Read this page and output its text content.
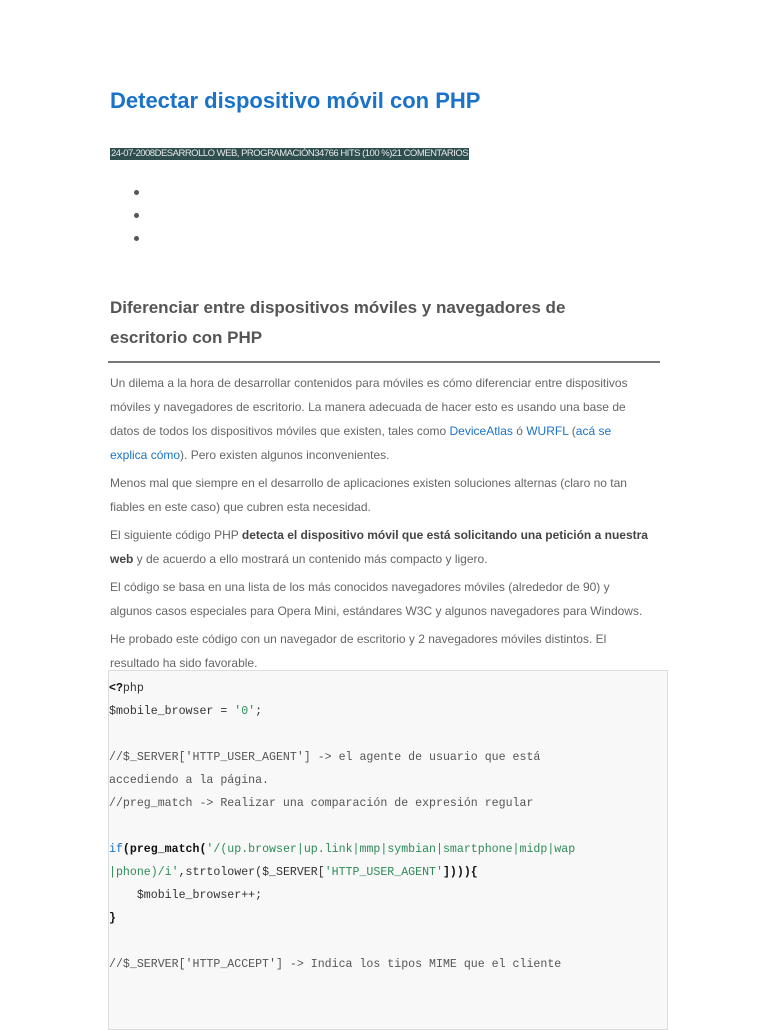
Detectar dispositivo móvil con PHP
24-07-2008DESARROLLO WEB, PROGRAMACIÓN34766 HITS (100 %)21 COMENTARIOS
Diferenciar entre dispositivos móviles y navegadores de escritorio con PHP

Un dilema a la hora de desarrollar contenidos para móviles es cómo diferenciar entre dispositivos móviles y navegadores de escritorio. La manera adecuada de hacer esto es usando una base de datos de todos los dispositivos móviles que existen, tales como DeviceAtlas ó WURFL (acá se explica cómo). Pero existen algunos inconvenientes.

Menos mal que siempre en el desarrollo de aplicaciones existen soluciones alternas (claro no tan fiables en este caso) que cubren esta necesidad.

El siguiente código PHP detecta el dispositivo móvil que está solicitando una petición a nuestra web y de acuerdo a ello mostrará un contenido más compacto y ligero.

El código se basa en una lista de los más conocidos navegadores móviles (alrededor de 90) y algunos casos especiales para Opera Mini, estándares W3C y algunos navegadores para Windows.

He probado este código con un navegador de escritorio y 2 navegadores móviles distintos. El resultado ha sido favorable.

<?php
$mobile_browser = '0';
//$_SERVER['HTTP_USER_AGENT'] -> el agente de usuario que está
accediendo a la página.
//preg_match -> Realizar una comparación de expresión regular
if(preg_match('/(up.browser|up.link|mmp|symbian|smartphone|midp|wap
|phone)/i',strtolower($_SERVER['HTTP_USER_AGENT']))){
$mobile_browser++;
}
//$_SERVER['HTTP_ACCEPT'] -> Indica los tipos MIME que el cliente
